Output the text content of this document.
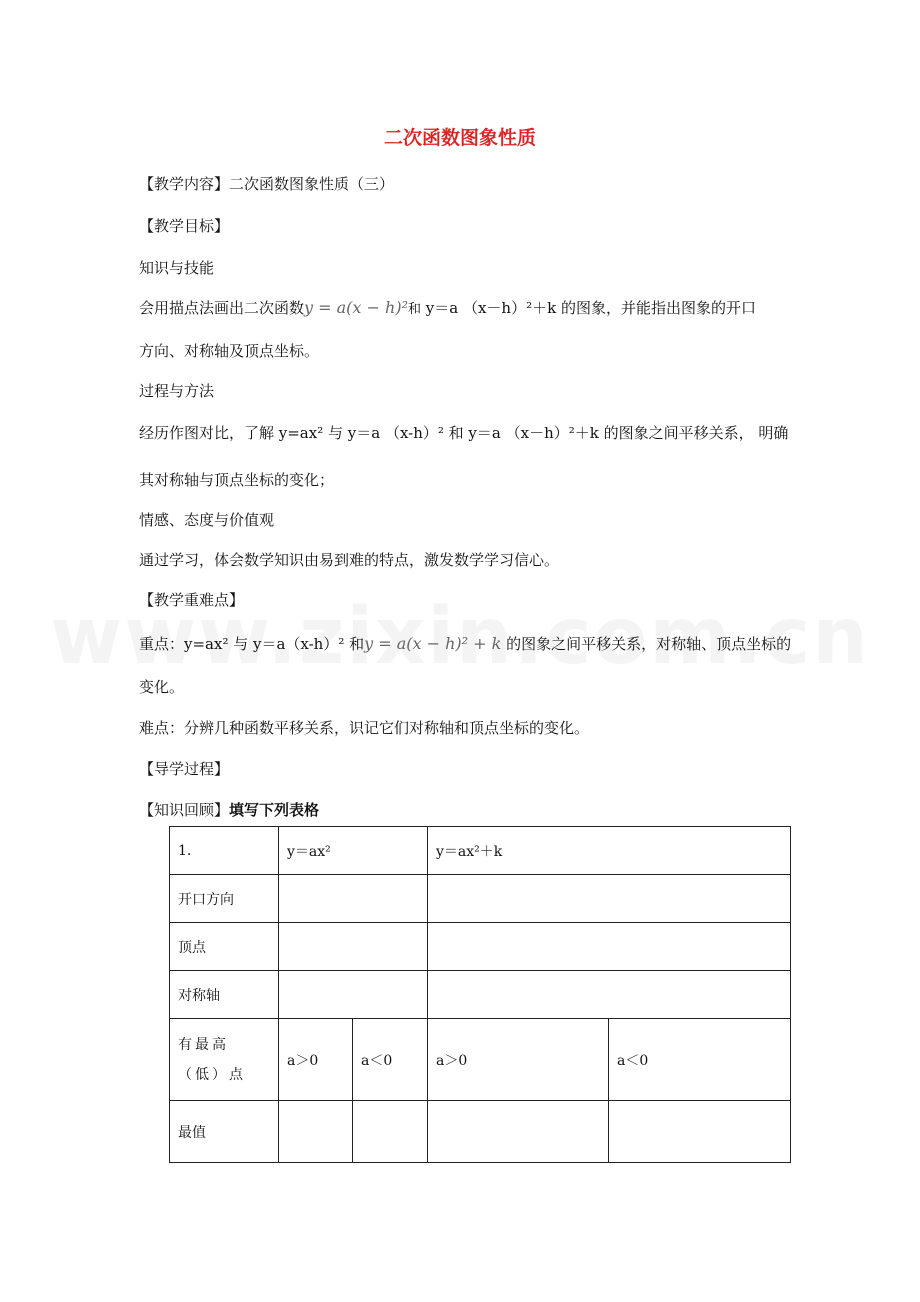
二次函数图象性质
【教学内容】二次函数图象性质（三）
【教学目标】
知识与技能
会用描点法画出二次函数y = a(x − h)²和 y＝a （x－h）²＋k 的图象，并能指出图象的开口
方向、对称轴及顶点坐标。
过程与方法
经历作图对比，了解 y=ax² 与 y＝a （x-h）² 和 y＝a （x－h）²＋k 的图象之间平移关系， 明确
其对称轴与顶点坐标的变化；
情感、态度与价值观
通过学习，体会数学知识由易到难的特点，激发数学学习信心。
【教学重难点】
重点：y=ax² 与 y＝a（x-h）² 和y = a(x − h)² + k 的图象之间平移关系，对称轴、顶点坐标的
变化。
难点：分辨几种函数平移关系，识记它们对称轴和顶点坐标的变化。
【导学过程】
【知识回顾】填写下列表格
1.	y＝ax²		y＝ax²＋k	
开口方向				
顶点				
对称轴				
有最高（低）点	a＞0	a＜0	a＞0	a＜0
最值				
